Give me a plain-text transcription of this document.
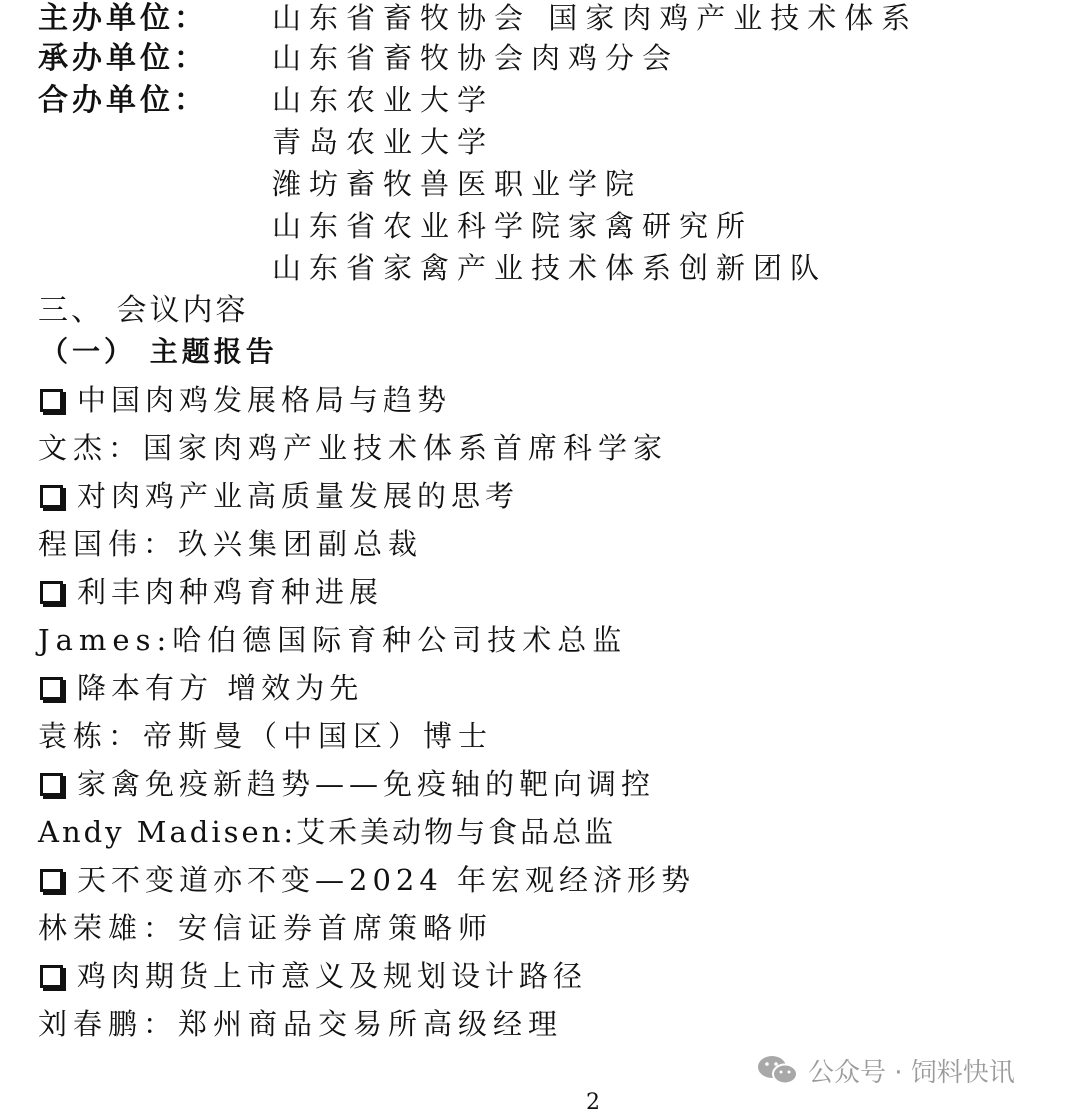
主办单位： 山东省畜牧协会 国家肉鸡产业技术体系
承办单位： 山东省畜牧协会肉鸡分会
合办单位： 山东农业大学
青岛农业大学
潍坊畜牧兽医职业学院
山东省农业科学院家禽研究所
山东省家禽产业技术体系创新团队
三、 会议内容
（一） 主题报告
中国肉鸡发展格局与趋势
文杰：国家肉鸡产业技术体系首席科学家
对肉鸡产业高质量发展的思考
程国伟：玖兴集团副总裁
利丰肉种鸡育种进展
James:哈伯德国际育种公司技术总监
降本有方 增效为先
袁栋：帝斯曼（中国区）博士
家禽免疫新趋势——免疫轴的靶向调控
Andy Madisen:艾禾美动物与食品总监
天不变道亦不变—2024 年宏观经济形势
林荣雄：安信证券首席策略师
鸡肉期货上市意义及规划设计路径
刘春鹏：郑州商品交易所高级经理
公众号 · 饲料快讯
2
